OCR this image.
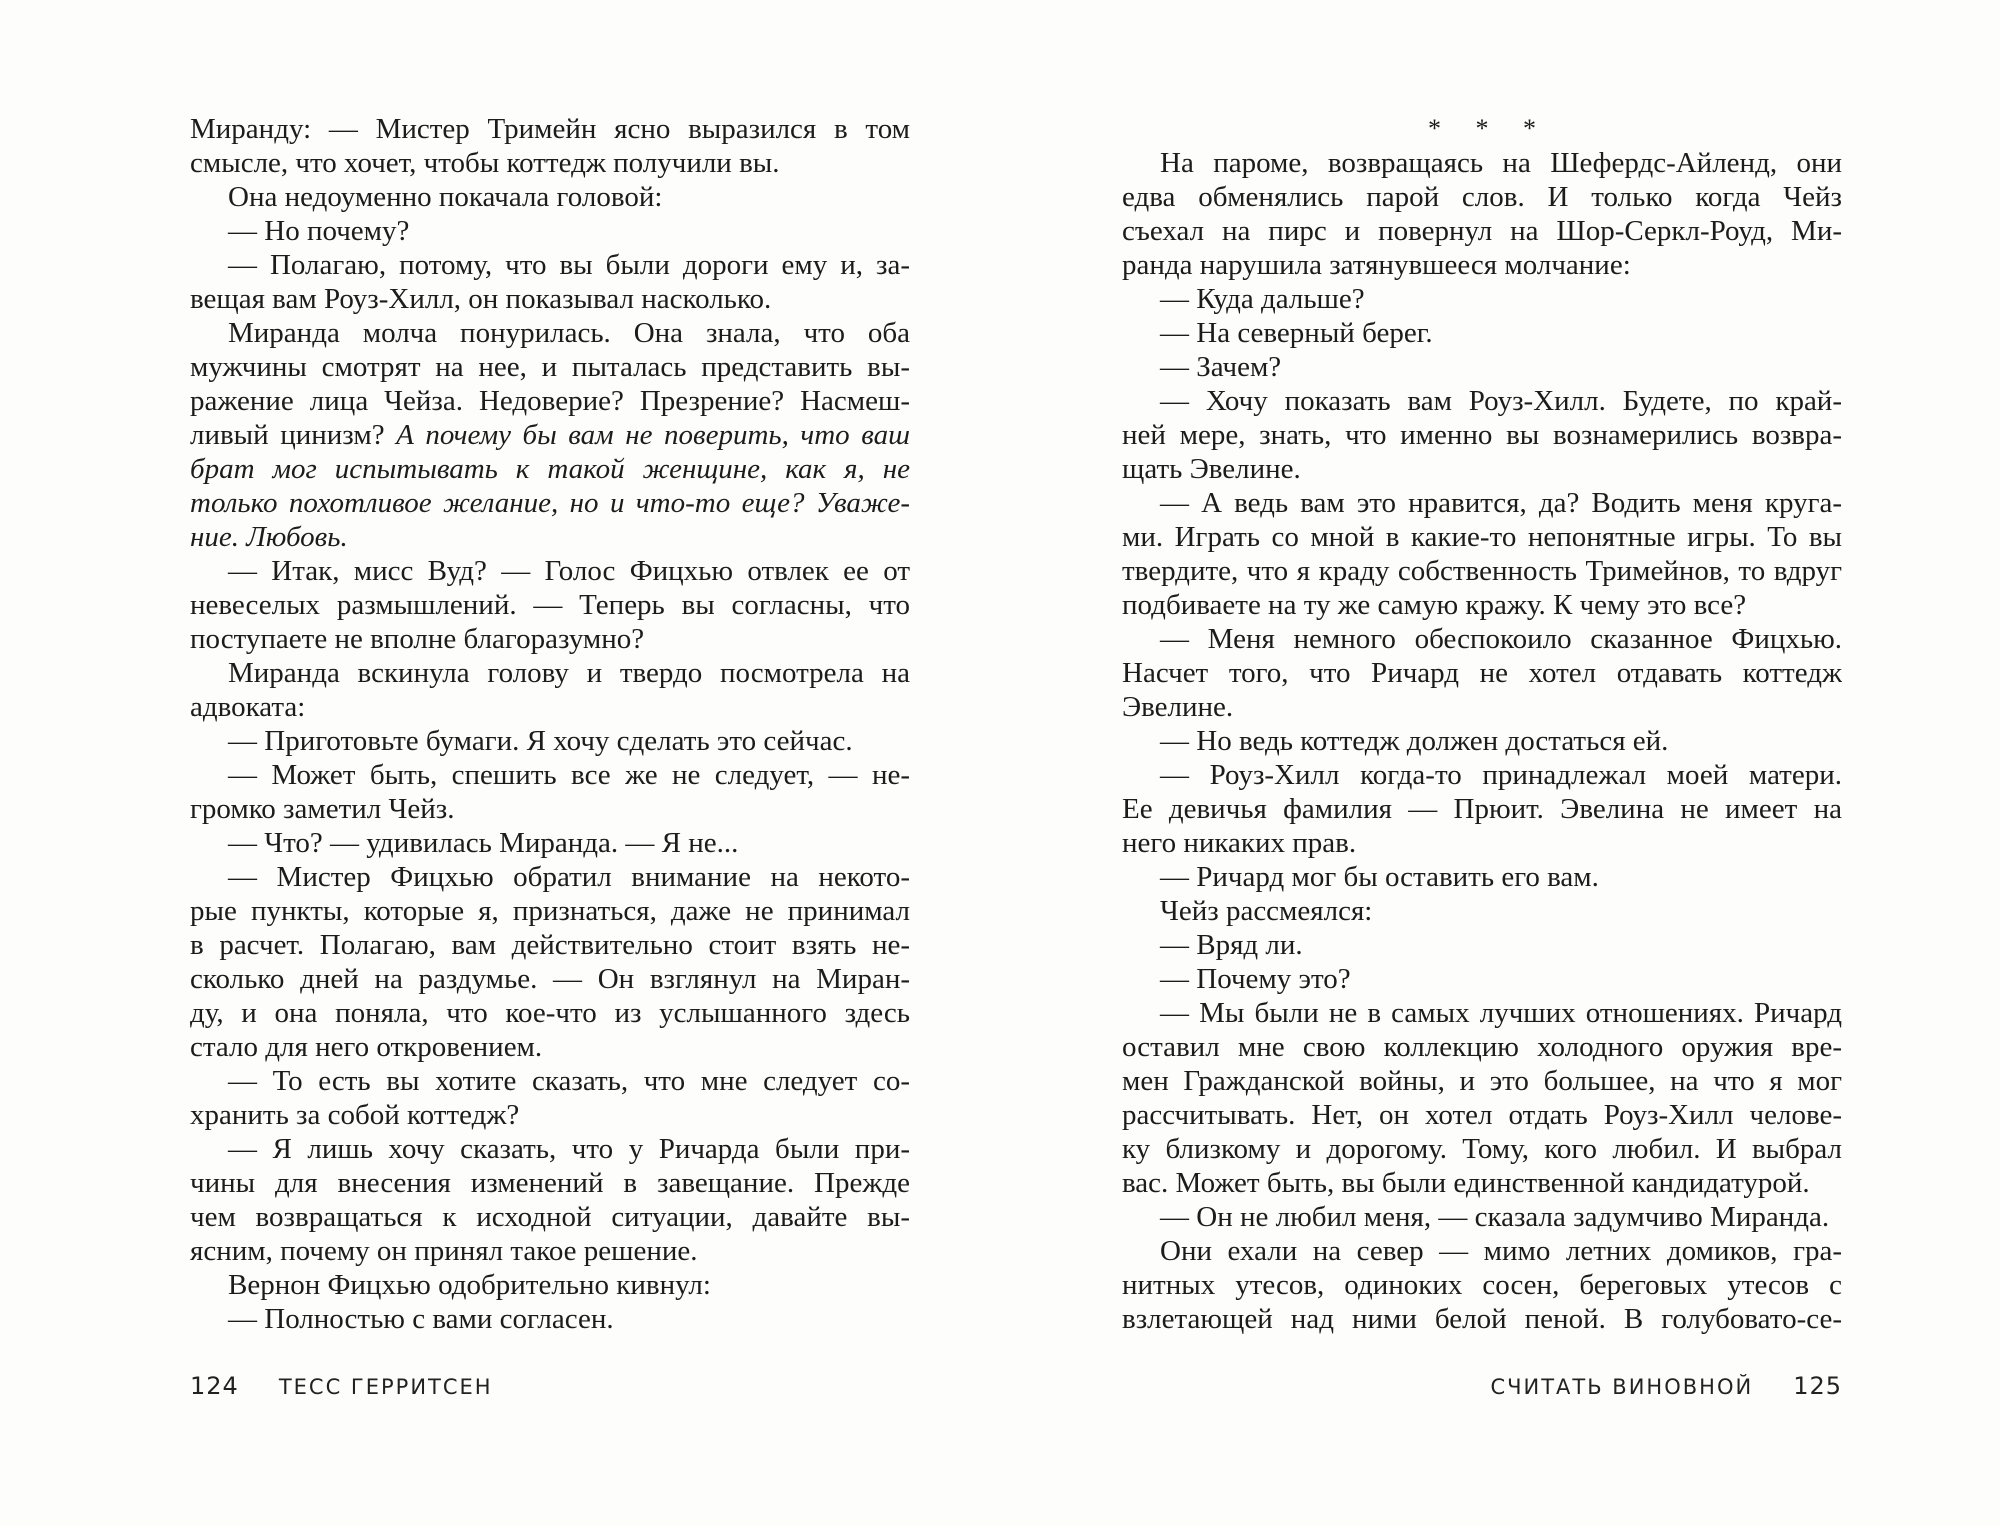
Миранду: — Мистер Тримейн ясно выразился в том
смысле, что хочет, чтобы коттедж получили вы.
Она недоуменно покачала головой:
— Но почему?
— Полагаю, потому, что вы были дороги ему и, за-
вещая вам Роуз-Хилл, он показывал насколько.
Миранда молча понурилась. Она знала, что оба
мужчины смотрят на нее, и пыталась представить вы-
ражение лица Чейза. Недоверие? Презрение? Насмеш-
ливый цинизм? А почему бы вам не поверить, что ваш
брат мог испытывать к такой женщине, как я, не
только похотливое желание, но и что-то еще? Уваже-
ние. Любовь.
— Итак, мисс Вуд? — Голос Фицхью отвлек ее от
невеселых размышлений. — Теперь вы согласны, что
поступаете не вполне благоразумно?
Миранда вскинула голову и твердо посмотрела на
адвоката:
— Приготовьте бумаги. Я хочу сделать это сейчас.
— Может быть, спешить все же не следует, — не-
громко заметил Чейз.
— Что? — удивилась Миранда. — Я не...
— Мистер Фицхью обратил внимание на некото-
рые пункты, которые я, признаться, даже не принимал
в расчет. Полагаю, вам действительно стоит взять не-
сколько дней на раздумье. — Он взглянул на Миран-
ду, и она поняла, что кое-что из услышанного здесь
стало для него откровением.
— То есть вы хотите сказать, что мне следует со-
хранить за собой коттедж?
— Я лишь хочу сказать, что у Ричарда были при-
чины для внесения изменений в завещание. Прежде
чем возвращаться к исходной ситуации, давайте вы-
ясним, почему он принял такое решение.
Вернон Фицхью одобрительно кивнул:
— Полностью с вами согласен.
* * *
На пароме, возвращаясь на Шефердс-Айленд, они
едва обменялись парой слов. И только когда Чейз
съехал на пирс и повернул на Шор-Серкл-Роуд, Ми-
ранда нарушила затянувшееся молчание:
— Куда дальше?
— На северный берег.
— Зачем?
— Хочу показать вам Роуз-Хилл. Будете, по край-
ней мере, знать, что именно вы вознамерились возвра-
щать Эвелине.
— А ведь вам это нравится, да? Водить меня круга-
ми. Играть со мной в какие-то непонятные игры. То вы
твердите, что я краду собственность Тримейнов, то вдруг
подбиваете на ту же самую кражу. К чему это все?
— Меня немного обеспокоило сказанное Фицхью.
Насчет того, что Ричард не хотел отдавать коттедж
Эвелине.
— Но ведь коттедж должен достаться ей.
— Роуз-Хилл когда-то принадлежал моей матери.
Ее девичья фамилия — Прюит. Эвелина не имеет на
него никаких прав.
— Ричард мог бы оставить его вам.
Чейз рассмеялся:
— Вряд ли.
— Почему это?
— Мы были не в самых лучших отношениях. Ричард
оставил мне свою коллекцию холодного оружия вре-
мен Гражданской войны, и это большее, на что я мог
рассчитывать. Нет, он хотел отдать Роуз-Хилл челове-
ку близкому и дорогому. Тому, кого любил. И выбрал
вас. Может быть, вы были единственной кандидатурой.
— Он не любил меня, — сказала задумчиво Миранда.
Они ехали на север — мимо летних домиков, гра-
нитных утесов, одиноких сосен, береговых утесов с
взлетающей над ними белой пеной. В голубовато-се-
124 ТЕСС ГЕРРИТСЕН	СЧИТАТЬ ВИНОВНОЙ 125
